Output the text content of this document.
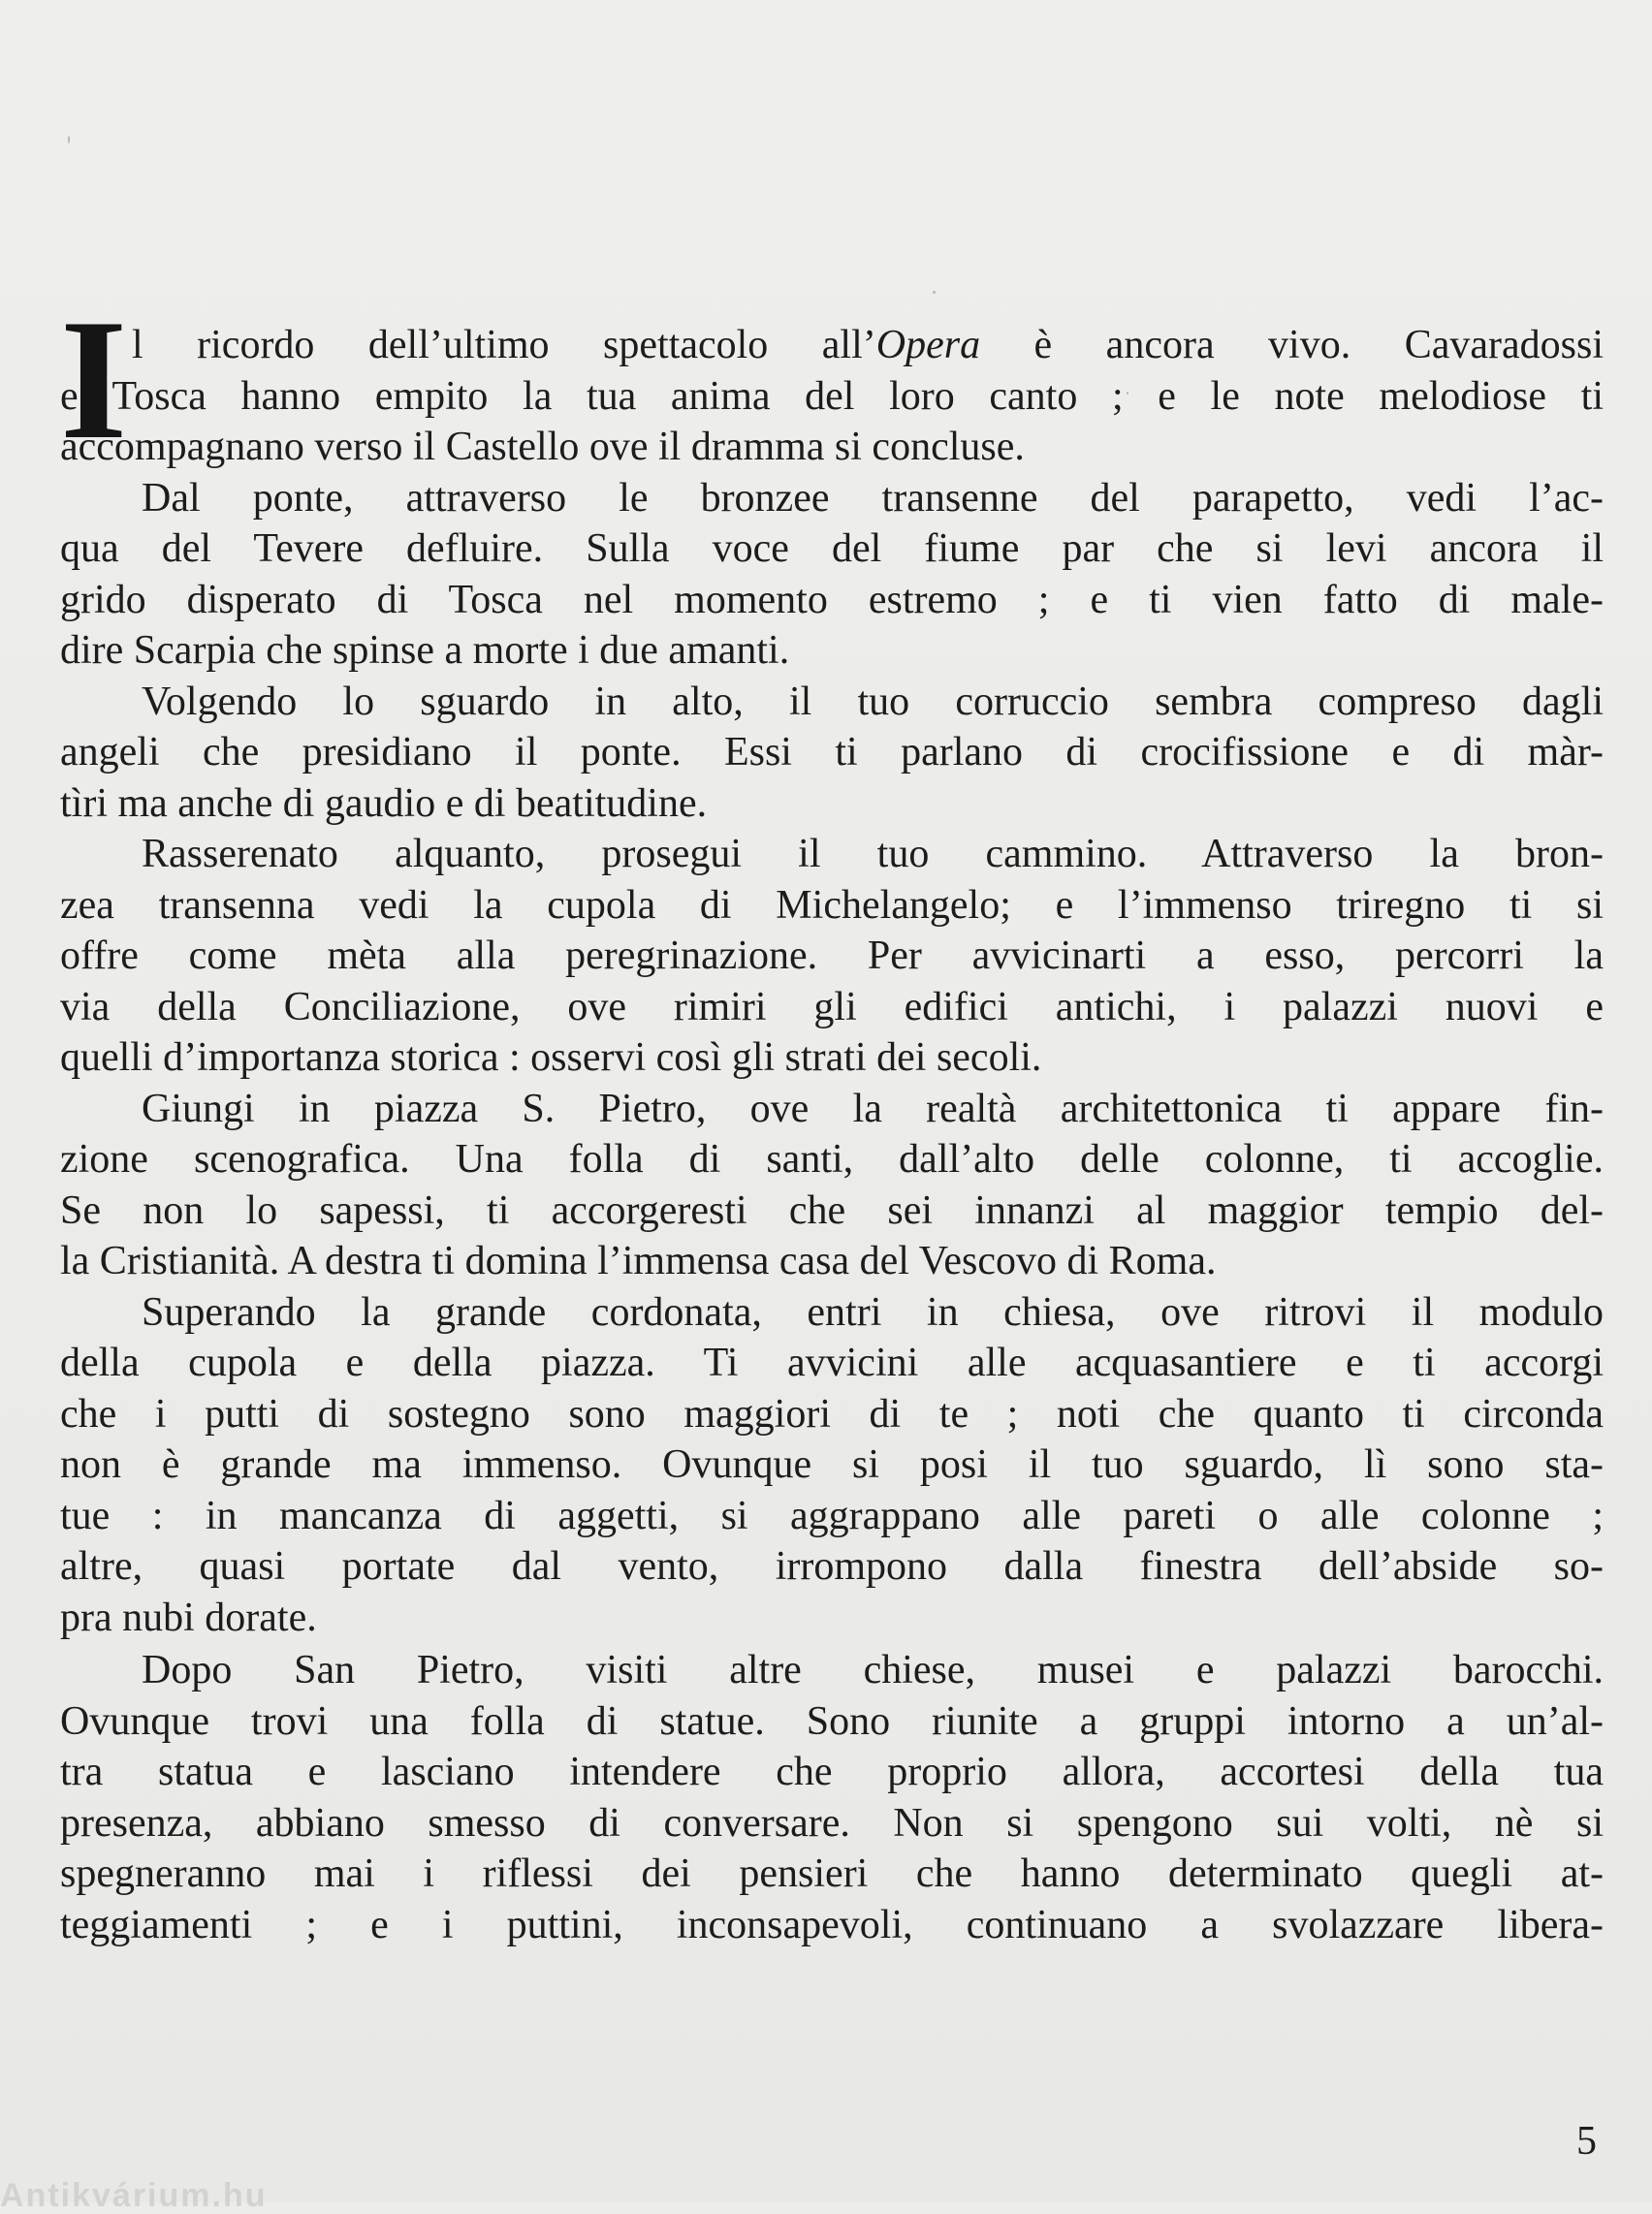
I l ricordo dell’ultimo spettacolo all’Opera è ancora vivo. Cavaradossi
e Tosca hanno empito la tua anima del loro canto ; e le note melodiose ti
accompagnano verso il Castello ove il dramma si concluse.
Dal ponte, attraverso le bronzee transenne del parapetto, vedi l’ac-
qua del Tevere defluire. Sulla voce del fiume par che si levi ancora il
grido disperato di Tosca nel momento estremo ; e ti vien fatto di male-
dire Scarpia che spinse a morte i due amanti.
Volgendo lo sguardo in alto, il tuo corruccio sembra compreso dagli
angeli che presidiano il ponte. Essi ti parlano di crocifissione e di màr-
tìri ma anche di gaudio e di beatitudine.
Rasserenato alquanto, prosegui il tuo cammino. Attraverso la bron-
zea transenna vedi la cupola di Michelangelo; e l’immenso triregno ti si
offre come mèta alla peregrinazione. Per avvicinarti a esso, percorri la
via della Conciliazione, ove rimiri gli edifici antichi, i palazzi nuovi e
quelli d’importanza storica : osservi così gli strati dei secoli.
Giungi in piazza S. Pietro, ove la realtà architettonica ti appare fin-
zione scenografica. Una folla di santi, dall’alto delle colonne, ti accoglie.
Se non lo sapessi, ti accorgeresti che sei innanzi al maggior tempio del-
la Cristianità. A destra ti domina l’immensa casa del Vescovo di Roma.
Superando la grande cordonata, entri in chiesa, ove ritrovi il modulo
della cupola e della piazza. Ti avvicini alle acquasantiere e ti accorgi
che i putti di sostegno sono maggiori di te ; noti che quanto ti circonda
non è grande ma immenso. Ovunque si posi il tuo sguardo, lì sono sta-
tue : in mancanza di aggetti, si aggrappano alle pareti o alle colonne ;
altre, quasi portate dal vento, irrompono dalla finestra dell’abside so-
pra nubi dorate.
Dopo San Pietro, visiti altre chiese, musei e palazzi barocchi.
Ovunque trovi una folla di statue. Sono riunite a gruppi intorno a un’al-
tra statua e lasciano intendere che proprio allora, accortesi della tua
presenza, abbiano smesso di conversare. Non si spengono sui volti, nè si
spegneranno mai i riflessi dei pensieri che hanno determinato quegli at-
teggiamenti ; e i puttini, inconsapevoli, continuano a svolazzare libera-
5
Antikvárium.hu
